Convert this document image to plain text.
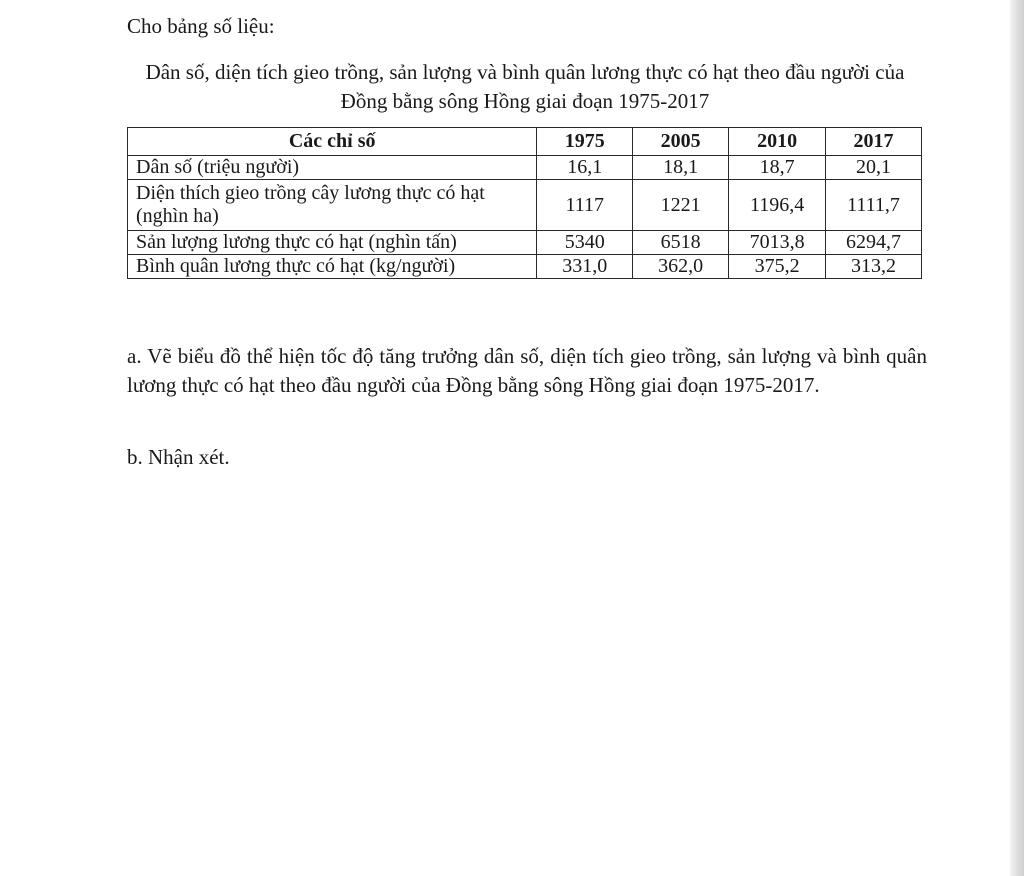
Cho bảng số liệu:
Dân số, diện tích gieo trồng, sản lượng và bình quân lương thực có hạt theo đầu người của Đồng bằng sông Hồng giai đoạn 1975-2017
Các chỉ số	1975	2005	2010	2017
Dân số (triệu người)	16,1	18,1	18,7	20,1
Diện thích gieo trồng cây lương thực có hạt (nghìn ha)	1117	1221	1196,4	1111,7
Sản lượng lương thực có hạt (nghìn tấn)	5340	6518	7013,8	6294,7
Bình quân lương thực có hạt (kg/người)	331,0	362,0	375,2	313,2
a. Vẽ biểu đồ thể hiện tốc độ tăng trưởng dân số, diện tích gieo trồng, sản lượng và bình quân lương thực có hạt theo đầu người của Đồng bằng sông Hồng giai đoạn 1975-2017.
b. Nhận xét.
